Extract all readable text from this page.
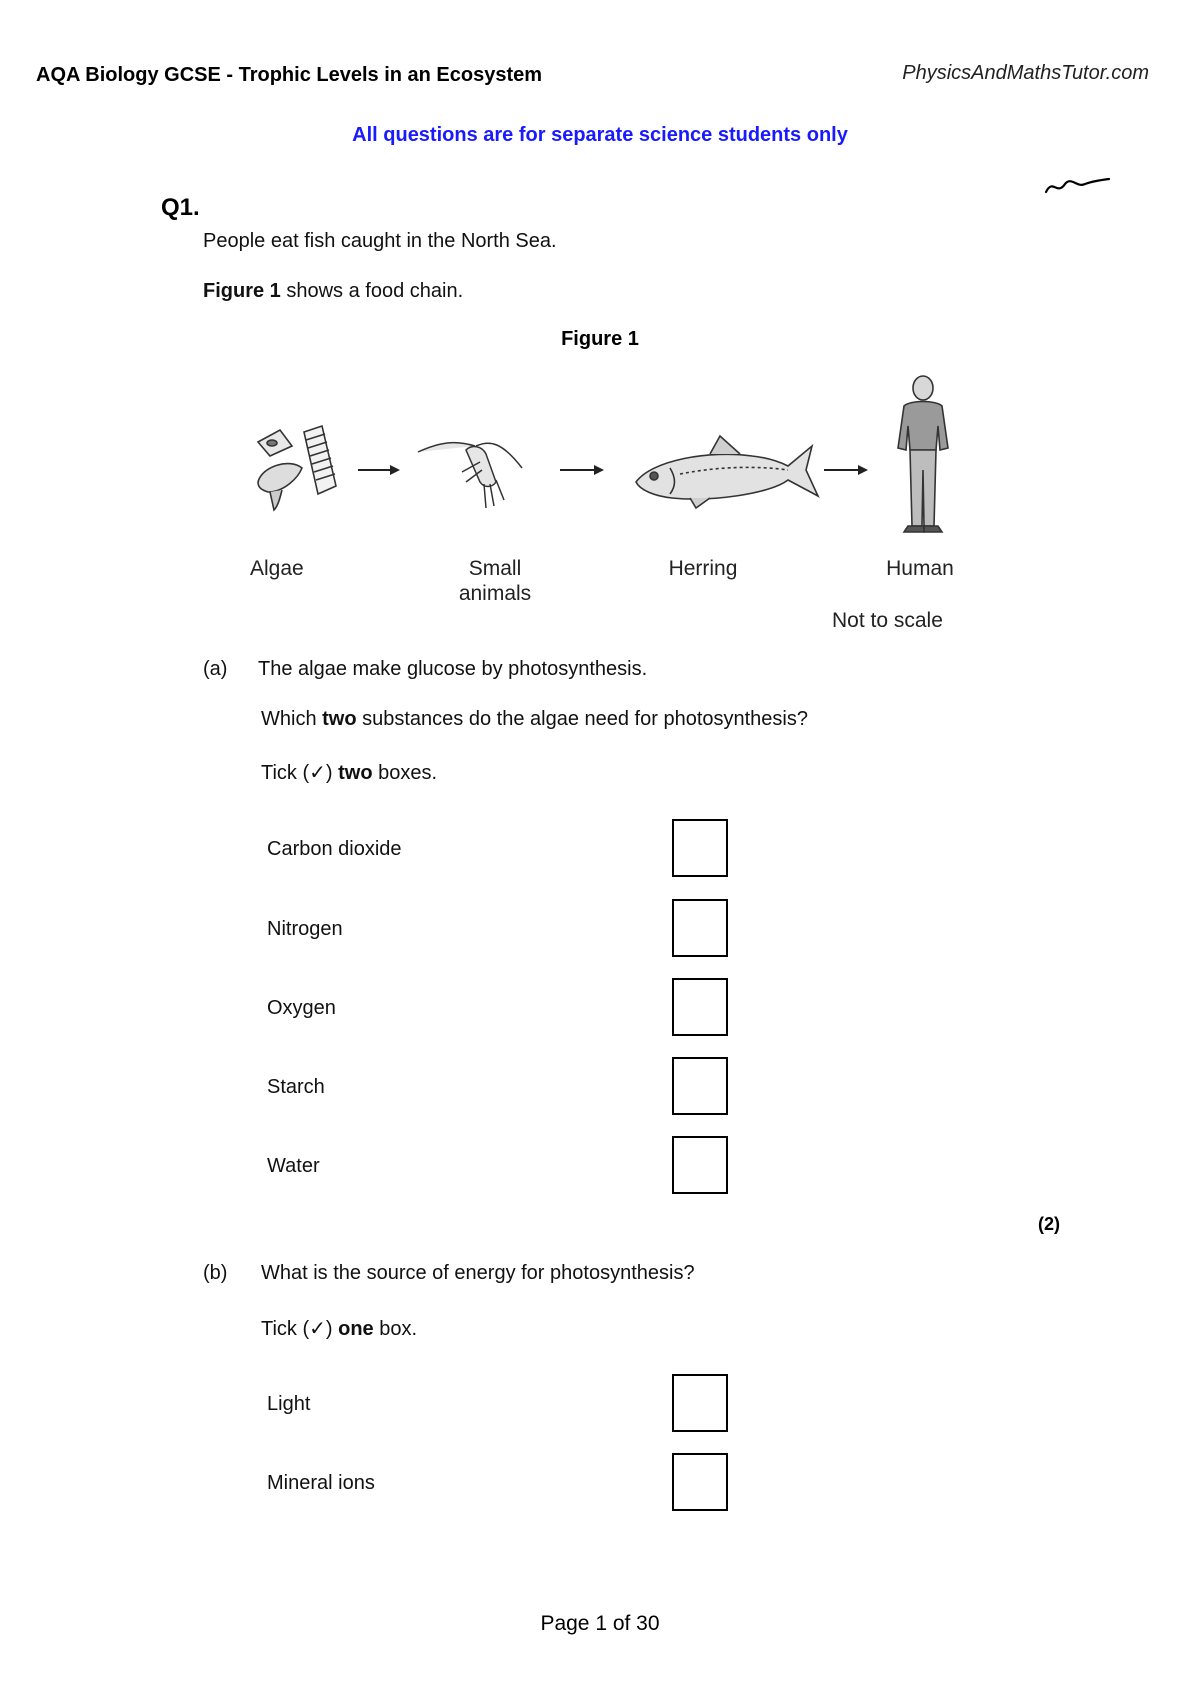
AQA Biology GCSE - Trophic Levels in an Ecosystem	PhysicsAndMathsTutor.com
All questions are for separate science students only
Q1.
People eat fish caught in the North Sea.
Figure 1 shows a food chain.
Figure 1
Algae	Small animals
Herring	Human
Not to scale
(a) The algae make glucose by photosynthesis.
Which two substances do the algae need for photosynthesis?
Tick (✓) two boxes.
Carbon dioxide
Nitrogen
Oxygen
Starch
Water
(2)
(b) What is the source of energy for photosynthesis?
Tick (✓) one box.
Light
Mineral ions
Page 1 of 30
